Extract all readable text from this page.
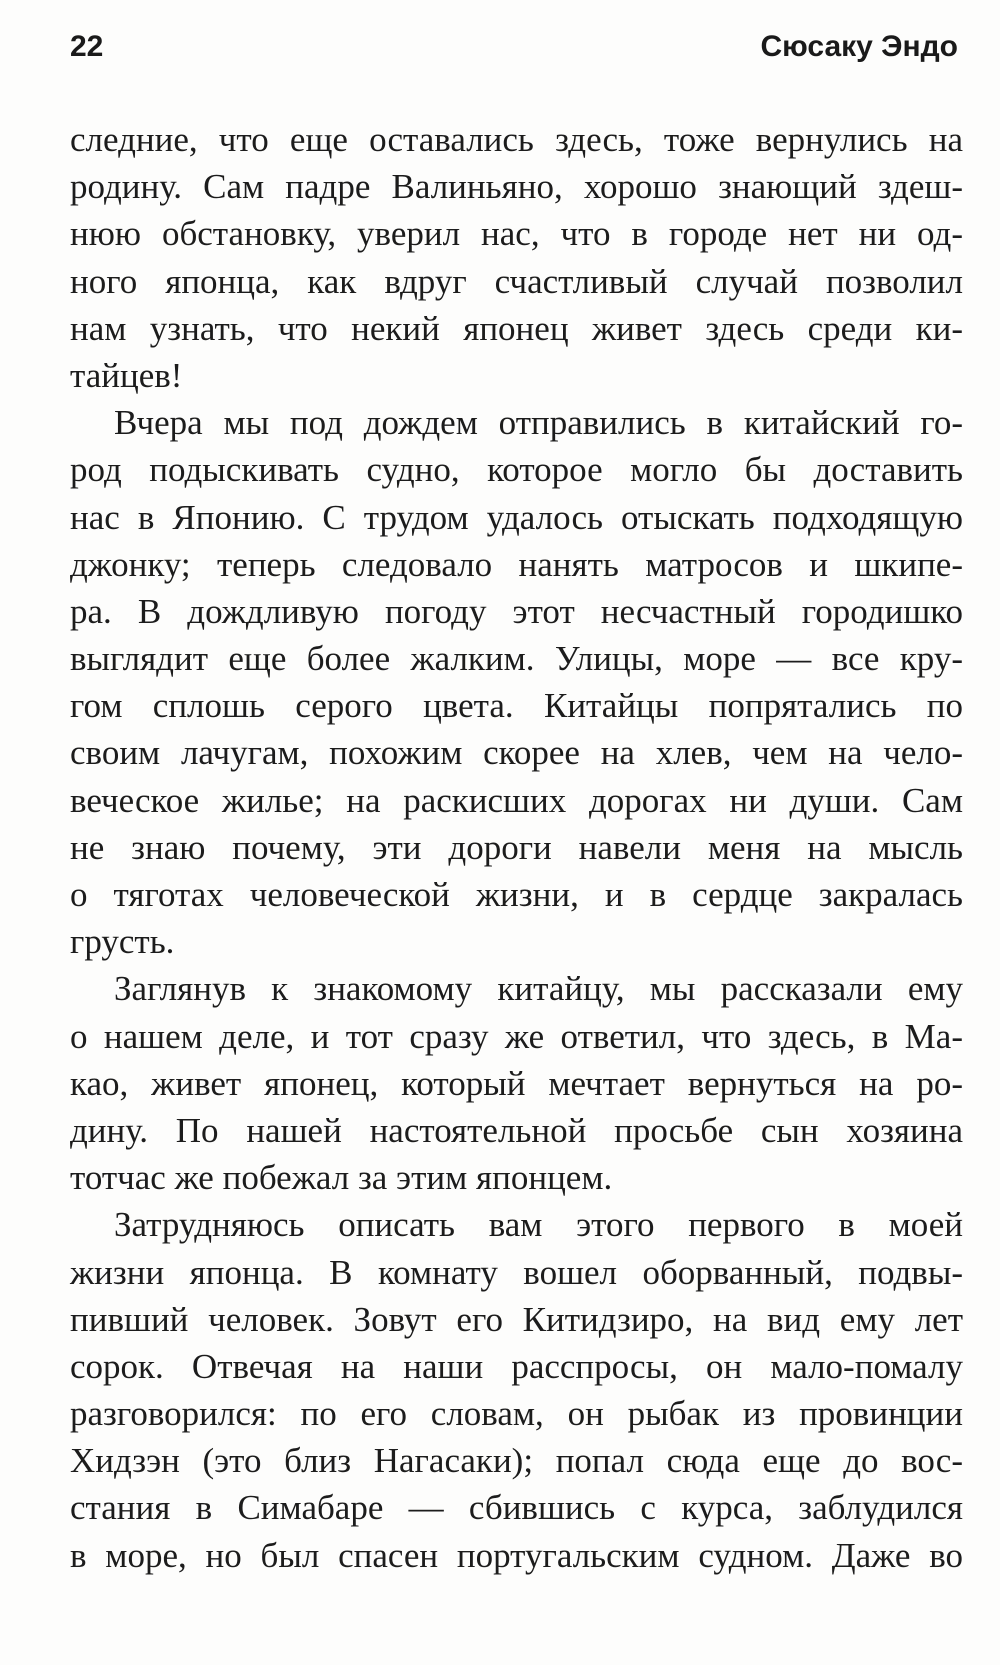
22	Сюсаку Эндо
следние, что еще оставались здесь, тоже вернулись на
родину. Сам падре Валиньяно, хорошо знающий здеш-
нюю обстановку, уверил нас, что в городе нет ни од-
ного японца, как вдруг счастливый случай позволил
нам узнать, что некий японец живет здесь среди ки-
тайцев!
Вчера мы под дождем отправились в китайский го-
род подыскивать судно, которое могло бы доставить
нас в Японию. С трудом удалось отыскать подходящую
джонку; теперь следовало нанять матросов и шкипе-
ра. В дождливую погоду этот несчастный городишко
выглядит еще более жалким. Улицы, море — все кру-
гом сплошь серого цвета. Китайцы попрятались по
своим лачугам, похожим скорее на хлев, чем на чело-
веческое жилье; на раскисших дорогах ни души. Сам
не знаю почему, эти дороги навели меня на мысль
о тяготах человеческой жизни, и в сердце закралась
грусть.
Заглянув к знакомому китайцу, мы рассказали ему
о нашем деле, и тот сразу же ответил, что здесь, в Ма-
као, живет японец, который мечтает вернуться на ро-
дину. По нашей настоятельной просьбе сын хозяина
тотчас же побежал за этим японцем.
Затрудняюсь описать вам этого первого в моей
жизни японца. В комнату вошел оборванный, подвы-
пивший человек. Зовут его Китидзиро, на вид ему лет
сорок. Отвечая на наши расспросы, он мало-помалу
разговорился: по его словам, он рыбак из провинции
Хидзэн (это близ Нагасаки); попал сюда еще до вос-
стания в Симабаре — сбившись с курса, заблудился
в море, но был спасен португальским судном. Даже во
